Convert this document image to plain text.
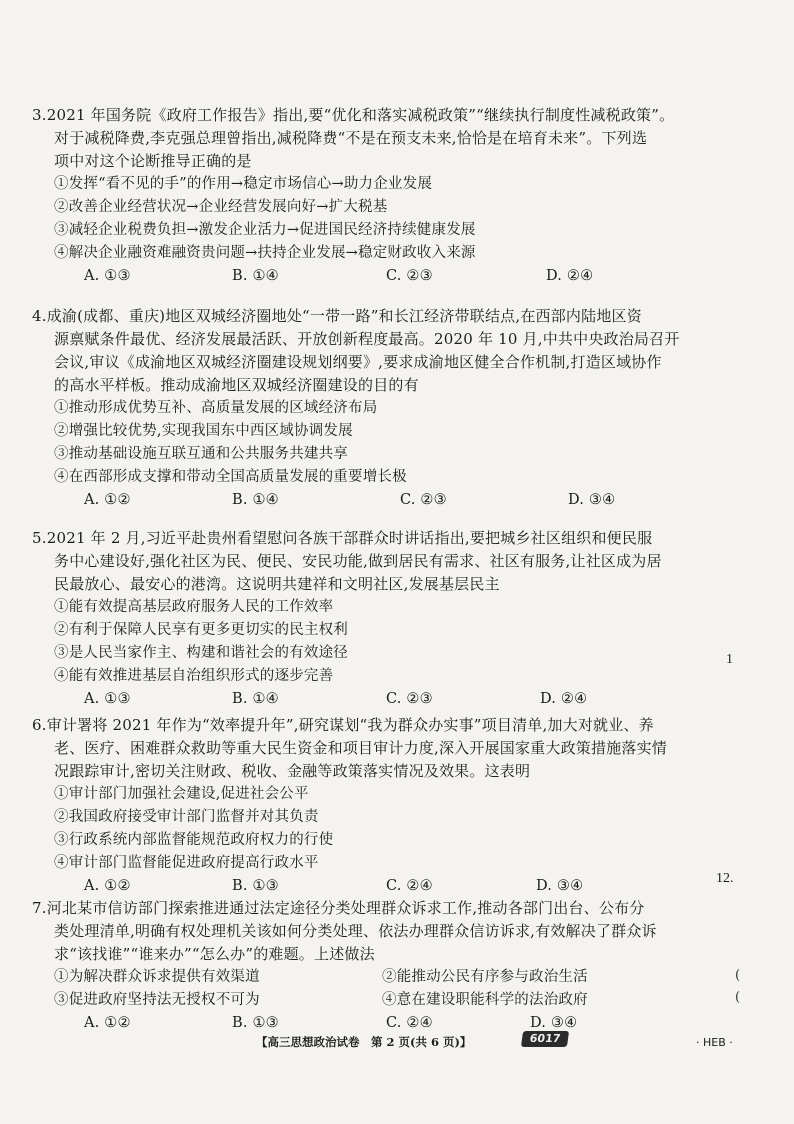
3.2021 年国务院《政府工作报告》指出,要“优化和落实减税政策”“继续执行制度性减税政策”。
对于减税降费,李克强总理曾指出,减税降费“不是在预支未来,恰恰是在培育未来”。下列选
项中对这个论断推导正确的是

①发挥“看不见的手”的作用→稳定市场信心→助力企业发展

②改善企业经营状况→企业经营发展向好→扩大税基

③减轻企业税费负担→激发企业活力→促进国民经济持续健康发展

④解决企业融资难融资贵问题→扶持企业发展→稳定财政收入来源

A. ①③	B. ①④	C. ②③	D. ②④

4.成渝(成都、重庆)地区双城经济圈地处“一带一路”和长江经济带联结点,在西部内陆地区资
源禀赋条件最优、经济发展最活跃、开放创新程度最高。2020 年 10 月,中共中央政治局召开
会议,审议《成渝地区双城经济圈建设规划纲要》,要求成渝地区健全合作机制,打造区域协作
的高水平样板。推动成渝地区双城经济圈建设的目的有

①推动形成优势互补、高质量发展的区域经济布局

②增强比较优势,实现我国东中西区域协调发展

③推动基础设施互联互通和公共服务共建共享

④在西部形成支撑和带动全国高质量发展的重要增长极

A. ①②	B. ①④	C. ②③	D. ③④

5.2021 年 2 月,习近平赴贵州看望慰问各族干部群众时讲话指出,要把城乡社区组织和便民服
务中心建设好,强化社区为民、便民、安民功能,做到居民有需求、社区有服务,让社区成为居
民最放心、最安心的港湾。这说明共建祥和文明社区,发展基层民主

①能有效提高基层政府服务人民的工作效率

②有利于保障人民享有更多更切实的民主权利

③是人民当家作主、构建和谐社会的有效途径

④能有效推进基层自治组织形式的逐步完善

A. ①③	B. ①④	C. ②③	D. ②④

6.审计署将 2021 年作为“效率提升年”,研究谋划“我为群众办实事”项目清单,加大对就业、养
老、医疗、困难群众救助等重大民生资金和项目审计力度,深入开展国家重大政策措施落实情
况跟踪审计,密切关注财政、税收、金融等政策落实情况及效果。这表明

①审计部门加强社会建设,促进社会公平

②我国政府接受审计部门监督并对其负责

③行政系统内部监督能规范政府权力的行使

④审计部门监督能促进政府提高行政水平

A. ①②	B. ①③	C. ②④	D. ③④

7.河北某市信访部门探索推进通过法定途径分类处理群众诉求工作,推动各部门出台、公布分
类处理清单,明确有权处理机关该如何分类处理、依法办理群众信访诉求,有效解决了群众诉
求“该找谁”“谁来办”“怎么办”的难题。上述做法

①为解决群众诉求提供有效渠道	②能推动公民有序参与政治生活
③促进政府坚持法无授权不可为	④意在建设职能科学的法治政府
A. ①②	B. ①③	C. ②④	D. ③④
1
12.
(
(
【高三思想政治试卷　第 2 页(共 6 页)】	6017	· HEB ·
